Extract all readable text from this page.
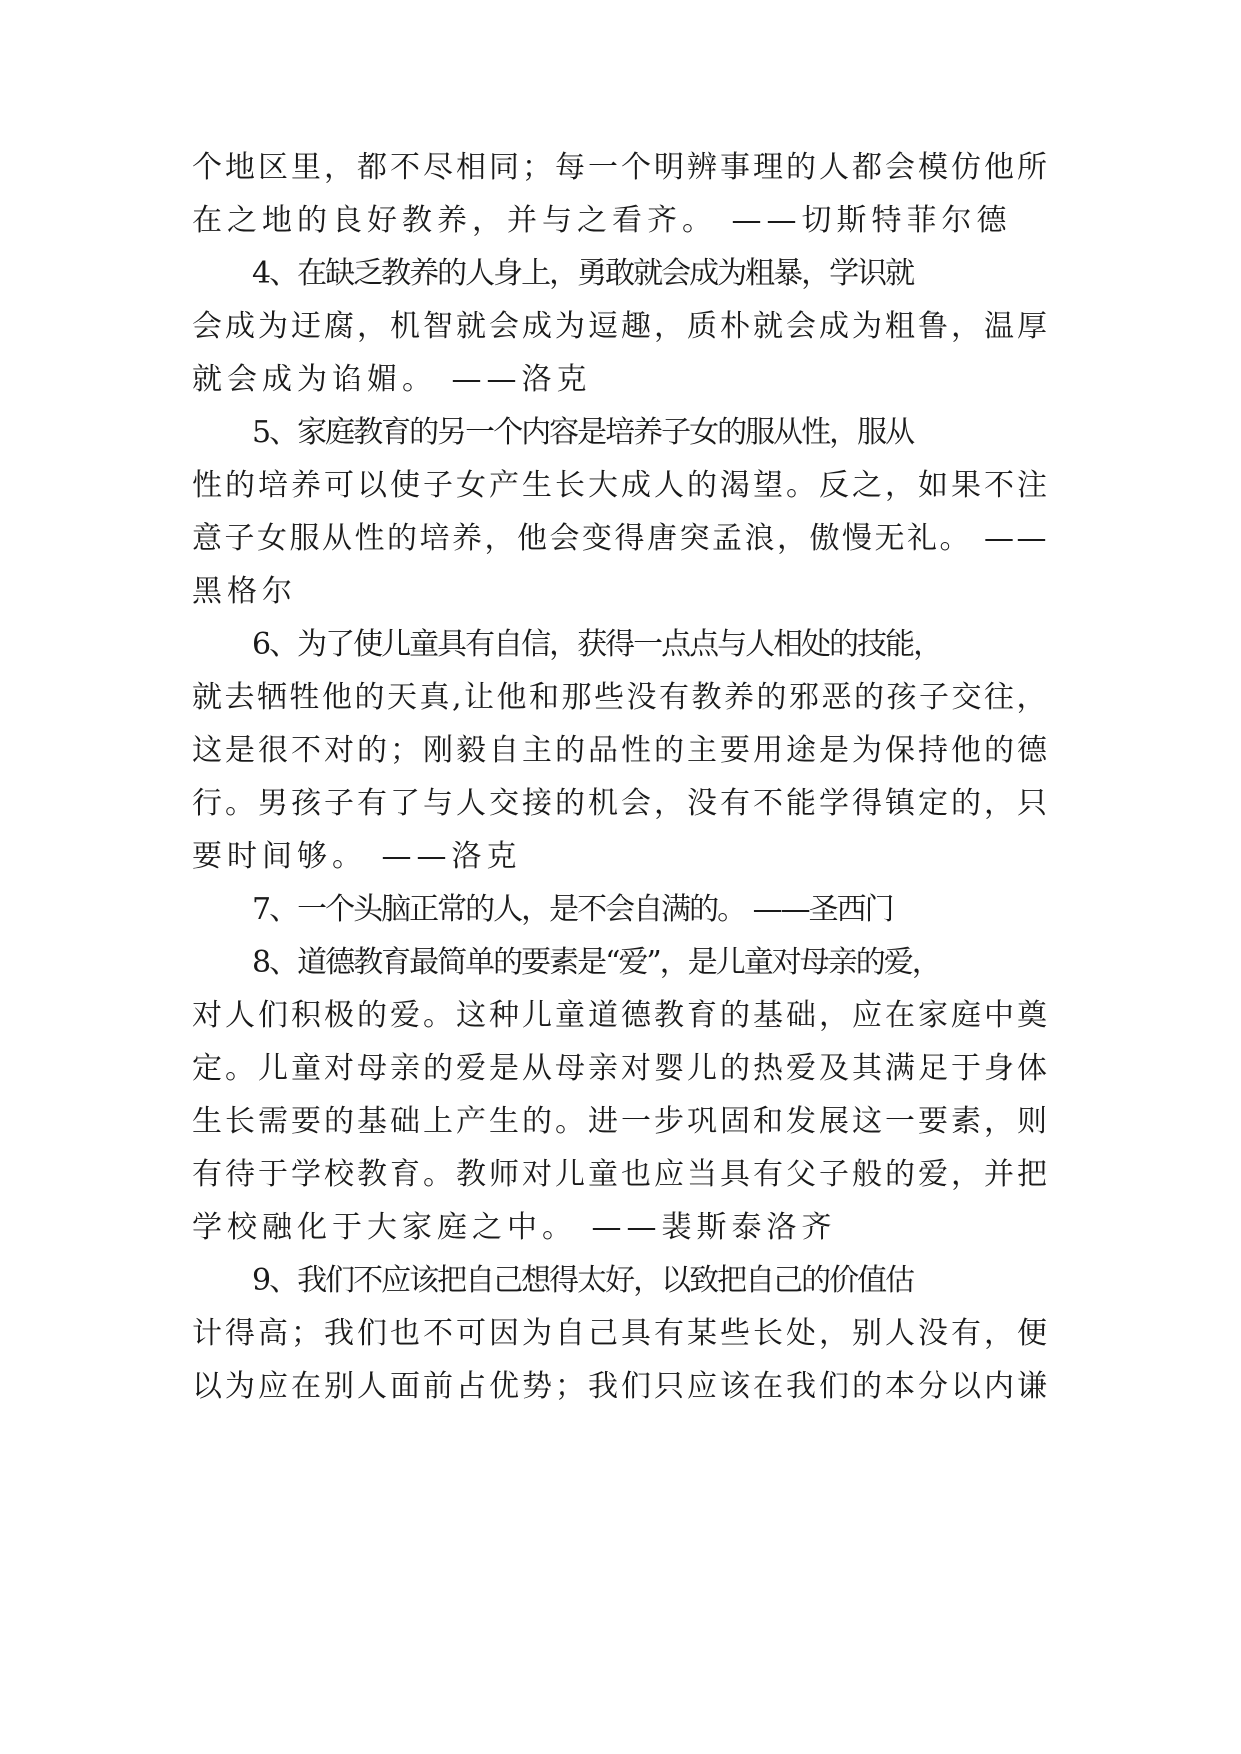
个地区里，都不尽相同；每一个明辨事理的人都会模仿他所
在之地的良好教养，并与之看齐。 ——切斯特菲尔德
4、在缺乏教养的人身上，勇敢就会成为粗暴，学识就
会成为迂腐，机智就会成为逗趣，质朴就会成为粗鲁，温厚
就会成为谄媚。 ——洛克
5、家庭教育的另一个内容是培养子女的服从性，服从
性的培养可以使子女产生长大成人的渴望。反之，如果不注
意子女服从性的培养，他会变得唐突孟浪，傲慢无礼。 ——
黑格尔
6、为了使儿童具有自信，获得一点点与人相处的技能，
就去牺牲他的天真,让他和那些没有教养的邪恶的孩子交往，
这是很不对的；刚毅自主的品性的主要用途是为保持他的德
行。男孩子有了与人交接的机会，没有不能学得镇定的，只
要时间够。 ——洛克
7、一个头脑正常的人，是不会自满的。 ——圣西门
8、道德教育最简单的要素是“爱”，是儿童对母亲的爱，
对人们积极的爱。这种儿童道德教育的基础，应在家庭中奠
定。儿童对母亲的爱是从母亲对婴儿的热爱及其满足于身体
生长需要的基础上产生的。进一步巩固和发展这一要素，则
有待于学校教育。教师对儿童也应当具有父子般的爱，并把
学校融化于大家庭之中。 ——裴斯泰洛齐
9、我们不应该把自己想得太好，以致把自己的价值估
计得高；我们也不可因为自己具有某些长处，别人没有，便
以为应在别人面前占优势；我们只应该在我们的本分以内谦
